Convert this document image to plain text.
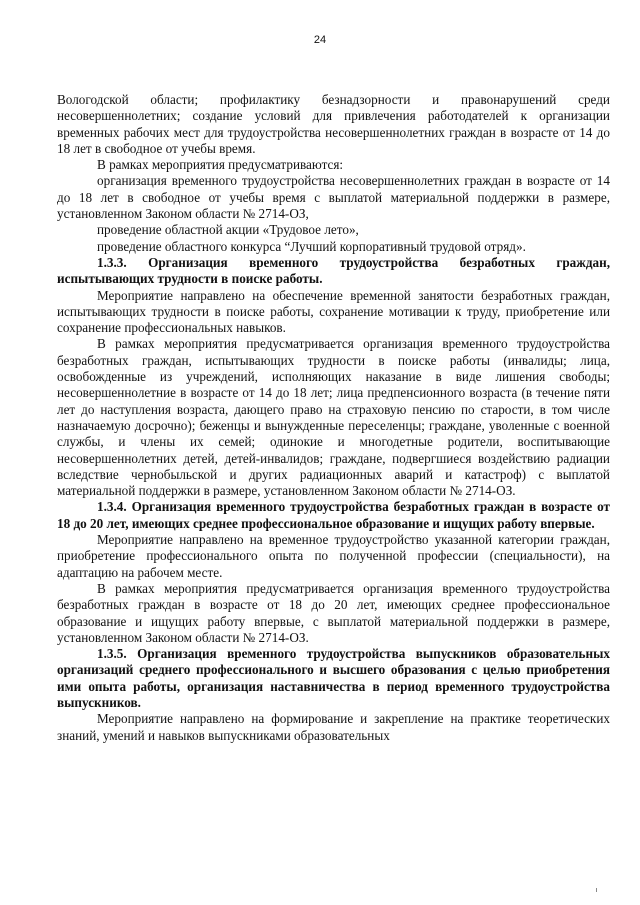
24

Вологодской области; профилактику безнадзорности и правонарушений среди несовершеннолетних; создание условий для привлечения работодателей к организации временных рабочих мест для трудоустройства несовершеннолетних граждан в возрасте от 14 до 18 лет в свободное от учебы время.

В рамках мероприятия предусматриваются:

организация временного трудоустройства несовершеннолетних граждан в возрасте от 14 до 18 лет в свободное от учебы время с выплатой материальной поддержки в размере, установленном Законом области № 2714-ОЗ,

проведение областной акции «Трудовое лето»,

проведение областного конкурса “Лучший корпоративный трудовой отряд».

1.3.3. Организация временного трудоустройства безработных граждан, испытывающих трудности в поиске работы.

Мероприятие направлено на обеспечение временной занятости безработных граждан, испытывающих трудности в поиске работы, сохранение мотивации к труду, приобретение или сохранение профессиональных навыков.

В рамках мероприятия предусматривается организация временного трудоустройства безработных граждан, испытывающих трудности в поиске работы (инвалиды; лица, освобожденные из учреждений, исполняющих наказание в виде лишения свободы; несовершеннолетние в возрасте от 14 до 18 лет; лица предпенсионного возраста (в течение пяти лет до наступления возраста, дающего право на страховую пенсию по старости, в том числе назначаемую досрочно); беженцы и вынужденные переселенцы; граждане, уволенные с военной службы, и члены их семей; одинокие и многодетные родители, воспитывающие несовершеннолетних детей, детей-инвалидов; граждане, подвергшиеся воздействию радиации вследствие чернобыльской и других радиационных аварий и катастроф) с выплатой материальной поддержки в размере, установленном Законом области № 2714-ОЗ.

1.3.4. Организация временного трудоустройства безработных граждан в возрасте от 18 до 20 лет, имеющих среднее профессиональное образование и ищущих работу впервые.

Мероприятие направлено на временное трудоустройство указанной категории граждан, приобретение профессионального опыта по полученной профессии (специальности), на адаптацию на рабочем месте.

В рамках мероприятия предусматривается организация временного трудоустройства безработных граждан в возрасте от 18 до 20 лет, имеющих среднее профессиональное образование и ищущих работу впервые, с выплатой материальной поддержки в размере, установленном Законом области № 2714-ОЗ.

1.3.5. Организация временного трудоустройства выпускников образовательных организаций среднего профессионального и высшего образования с целью приобретения ими опыта работы, организация наставничества в период временного трудоустройства выпускников.

Мероприятие направлено на формирование и закрепление на практике теоретических знаний, умений и навыков выпускниками образовательных
